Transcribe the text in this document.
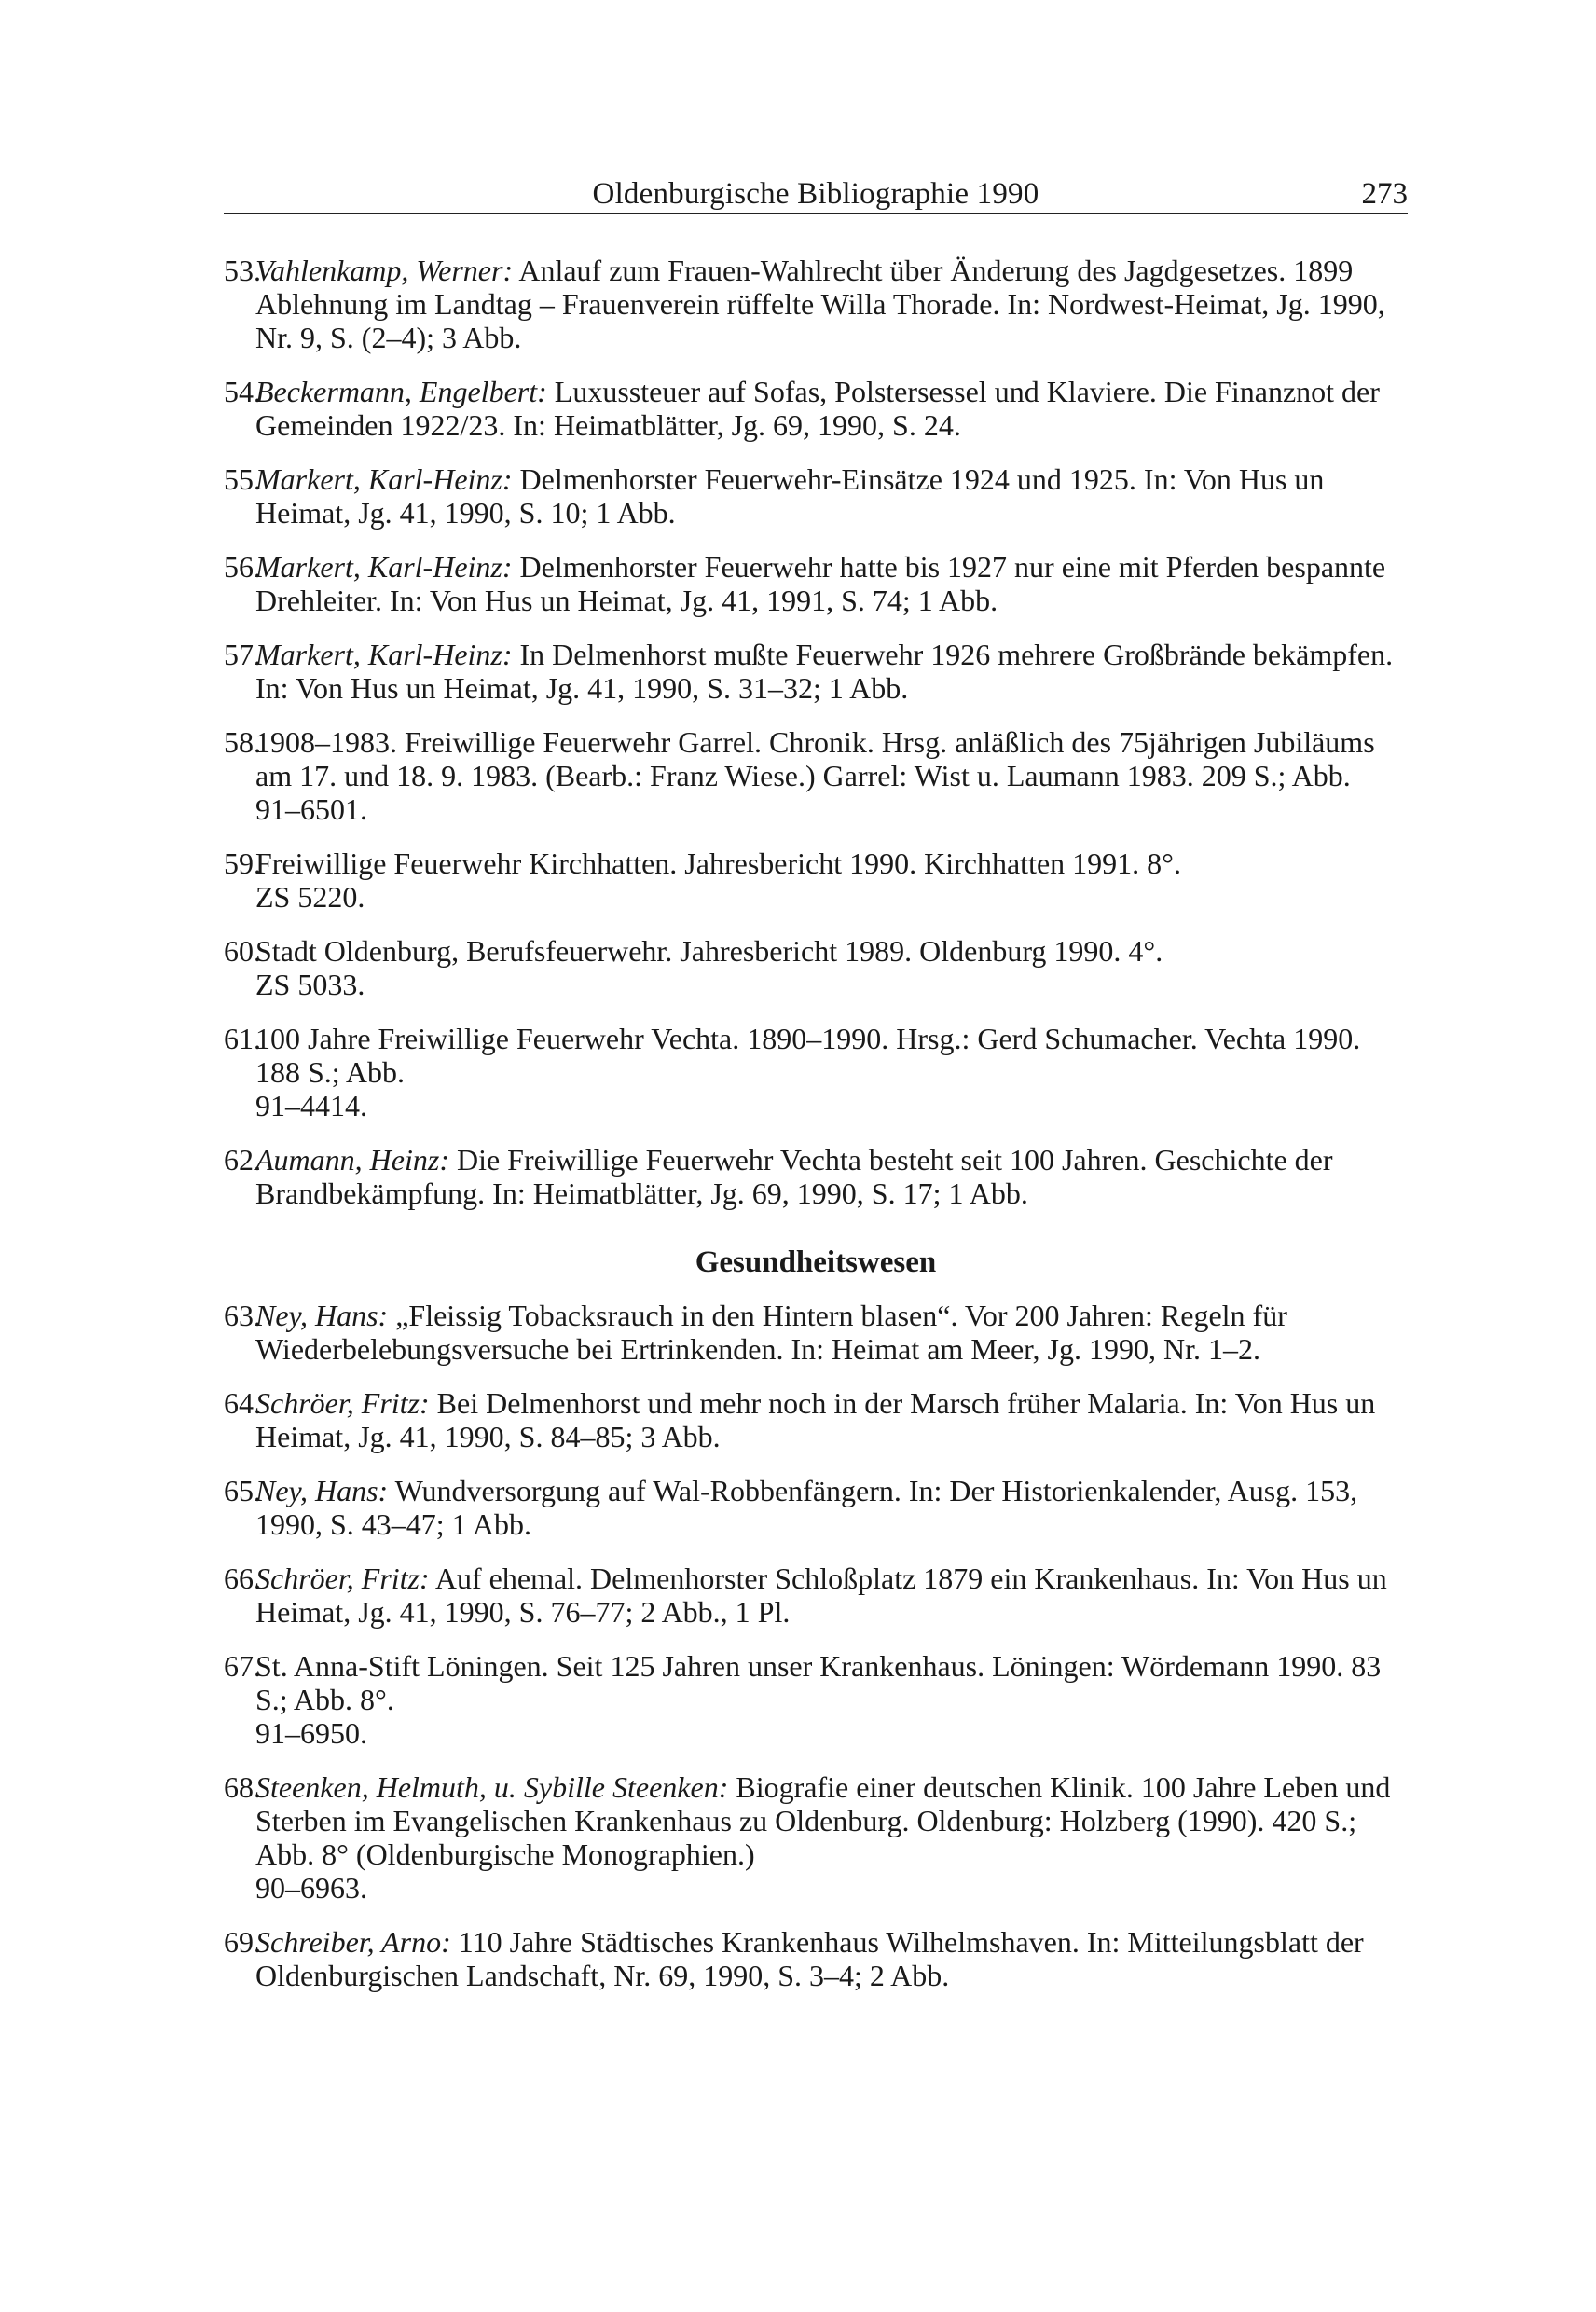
Oldenburgische Bibliographie 1990	273
53.
Vahlenkamp, Werner: Anlauf zum Frauen-Wahlrecht über Änderung des Jagdgesetzes. 1899 Ablehnung im Landtag – Frauenverein rüffelte Willa Thorade. In: Nordwest-Heimat, Jg. 1990, Nr. 9, S. (2–4); 3 Abb.
54.
Beckermann, Engelbert: Luxussteuer auf Sofas, Polstersessel und Klaviere. Die Finanznot der Gemeinden 1922/23. In: Heimatblätter, Jg. 69, 1990, S. 24.
55.
Markert, Karl-Heinz: Delmenhorster Feuerwehr-Einsätze 1924 und 1925. In: Von Hus un Heimat, Jg. 41, 1990, S. 10; 1 Abb.
56.
Markert, Karl-Heinz: Delmenhorster Feuerwehr hatte bis 1927 nur eine mit Pferden bespannte Drehleiter. In: Von Hus un Heimat, Jg. 41, 1991, S. 74; 1 Abb.
57.
Markert, Karl-Heinz: In Delmenhorst mußte Feuerwehr 1926 mehrere Großbrände bekämpfen. In: Von Hus un Heimat, Jg. 41, 1990, S. 31–32; 1 Abb.
58.
1908–1983. Freiwillige Feuerwehr Garrel. Chronik. Hrsg. anläßlich des 75jährigen Jubiläums am 17. und 18. 9. 1983. (Bearb.: Franz Wiese.) Garrel: Wist u. Laumann 1983. 209 S.; Abb.
91–6501.
59.
Freiwillige Feuerwehr Kirchhatten. Jahresbericht 1990. Kirchhatten 1991. 8°.
ZS 5220.
60.
Stadt Oldenburg, Berufsfeuerwehr. Jahresbericht 1989. Oldenburg 1990. 4°.
ZS 5033.
61.
100 Jahre Freiwillige Feuerwehr Vechta. 1890–1990. Hrsg.: Gerd Schumacher. Vechta 1990. 188 S.; Abb.
91–4414.
62.
Aumann, Heinz: Die Freiwillige Feuerwehr Vechta besteht seit 100 Jahren. Geschichte der Brandbekämpfung. In: Heimatblätter, Jg. 69, 1990, S. 17; 1 Abb.
Gesundheitswesen
63.
Ney, Hans: „Fleissig Tobacksrauch in den Hintern blasen“. Vor 200 Jahren: Regeln für Wiederbelebungsversuche bei Ertrinkenden. In: Heimat am Meer, Jg. 1990, Nr. 1–2.
64.
Schröer, Fritz: Bei Delmenhorst und mehr noch in der Marsch früher Malaria. In: Von Hus un Heimat, Jg. 41, 1990, S. 84–85; 3 Abb.
65.
Ney, Hans: Wundversorgung auf Wal-Robbenfängern. In: Der Historienkalender, Ausg. 153, 1990, S. 43–47; 1 Abb.
66.
Schröer, Fritz: Auf ehemal. Delmenhorster Schloßplatz 1879 ein Krankenhaus. In: Von Hus un Heimat, Jg. 41, 1990, S. 76–77; 2 Abb., 1 Pl.
67.
St. Anna-Stift Löningen. Seit 125 Jahren unser Krankenhaus. Löningen: Wördemann 1990. 83 S.; Abb. 8°.
91–6950.
68.
Steenken, Helmuth, u. Sybille Steenken: Biografie einer deutschen Klinik. 100 Jahre Leben und Sterben im Evangelischen Krankenhaus zu Oldenburg. Oldenburg: Holzberg (1990). 420 S.; Abb. 8° (Oldenburgische Monographien.)
90–6963.
69.
Schreiber, Arno: 110 Jahre Städtisches Krankenhaus Wilhelmshaven. In: Mitteilungsblatt der Oldenburgischen Landschaft, Nr. 69, 1990, S. 3–4; 2 Abb.
